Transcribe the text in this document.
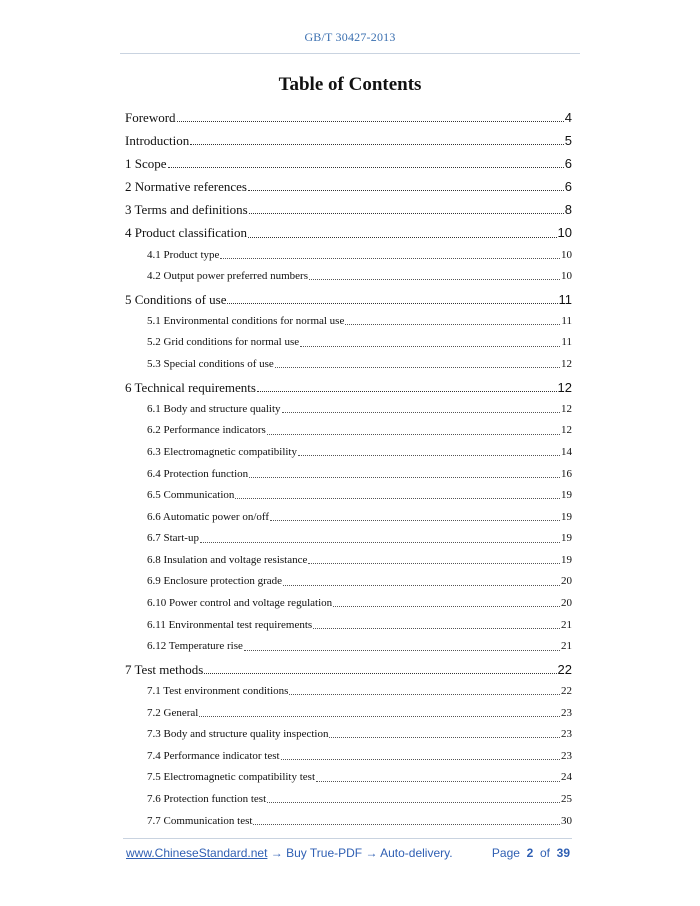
GB/T 30427-2013
Table of Contents
Foreword	4
Introduction	5
1 Scope	6
2 Normative references	6
3 Terms and definitions	8
4 Product classification	10
4.1 Product type	10
4.2 Output power preferred numbers	10
5 Conditions of use	11
5.1 Environmental conditions for normal use	11
5.2 Grid conditions for normal use	11
5.3 Special conditions of use	12
6 Technical requirements	12
6.1 Body and structure quality	12
6.2 Performance indicators	12
6.3 Electromagnetic compatibility	14
6.4 Protection function	16
6.5 Communication	19
6.6 Automatic power on/off	19
6.7 Start-up	19
6.8 Insulation and voltage resistance	19
6.9 Enclosure protection grade	20
6.10 Power control and voltage regulation	20
6.11 Environmental test requirements	21
6.12 Temperature rise	21
7 Test methods	22
7.1 Test environment conditions	22
7.2 General	23
7.3 Body and structure quality inspection	23
7.4 Performance indicator test	23
7.5 Electromagnetic compatibility test	24
7.6 Protection function test	25
7.7 Communication test	30
www.ChineseStandard.net → Buy True-PDF → Auto-delivery.	Page 2 of 39
